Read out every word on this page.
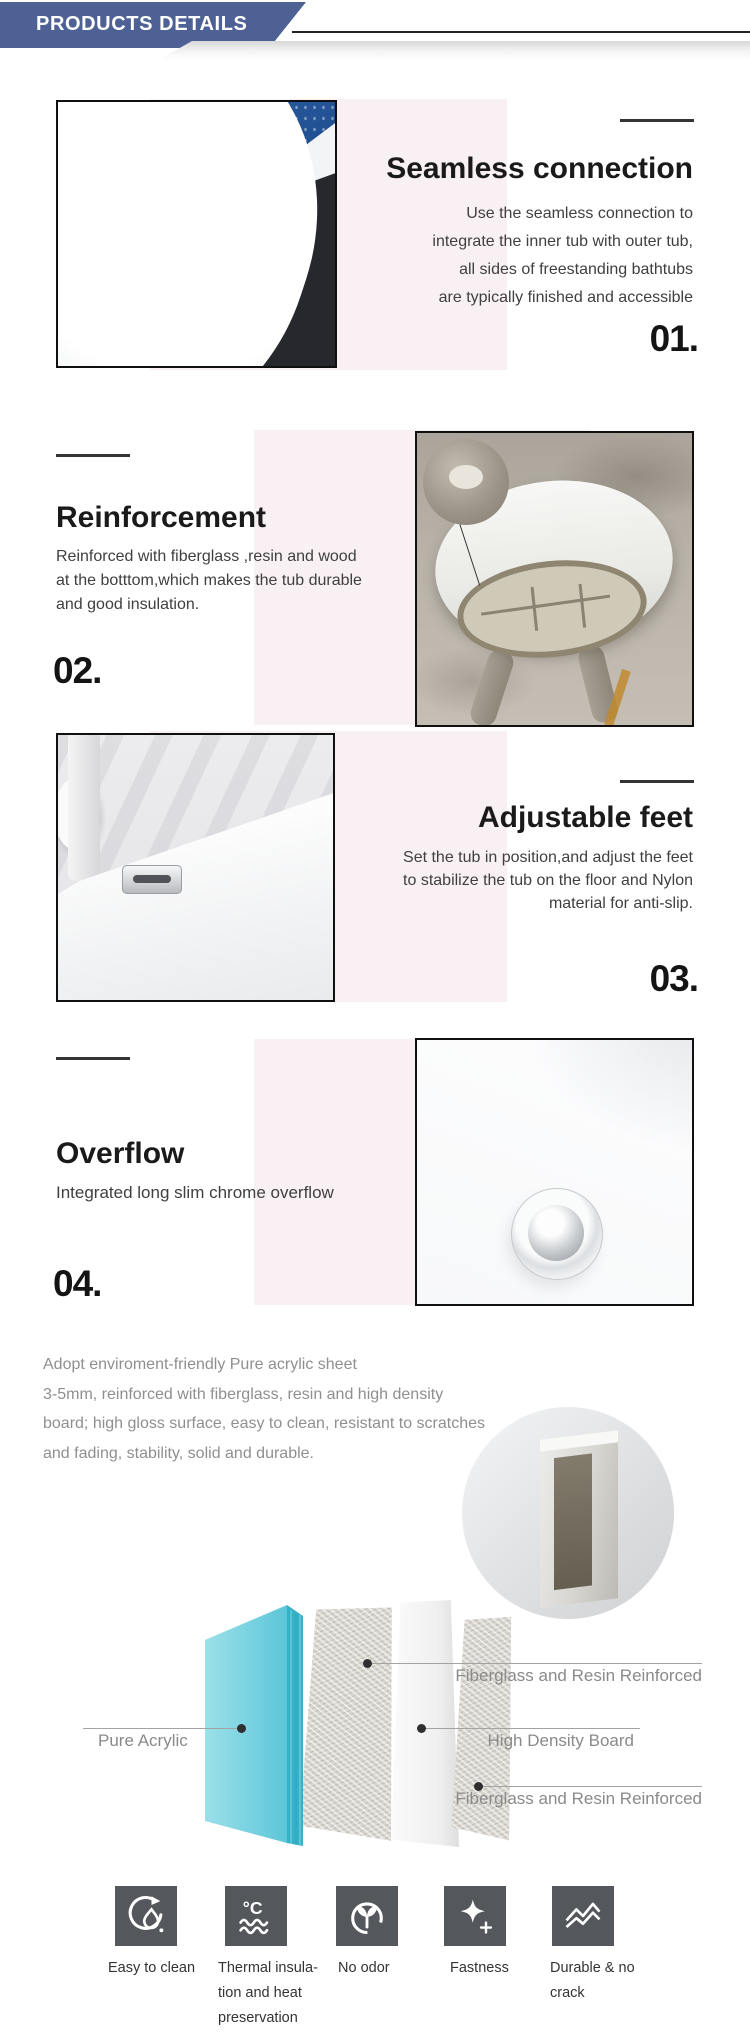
PRODUCTS DETAILS
Seamless connection
Use the seamless connection to
integrate the inner tub with outer tub,
all sides of freestanding bathtubs
are typically finished and accessible
01.
Reinforcement
Reinforced with fiberglass ,resin and wood
at the botttom,which makes the tub durable
and good insulation.
02.
Adjustable feet
Set the tub in position,and adjust the feet
to stabilize the tub on the floor and Nylon
material for anti-slip.
03.
Overflow
Integrated long slim chrome overflow
04.
Adopt enviroment-friendly Pure acrylic sheet
3-5mm, reinforced with fiberglass, resin and high density
board; high gloss surface, easy to clean, resistant to scratches
and fading, stability, solid and durable.
Fiberglass and Resin Reinforced
High Density Board
Fiberglass and Resin Reinforced
Pure Acrylic
Easy to clean
°C
Thermal insula-
tion and heat
preservation
No odor	Fastness	Durable & no
crack
